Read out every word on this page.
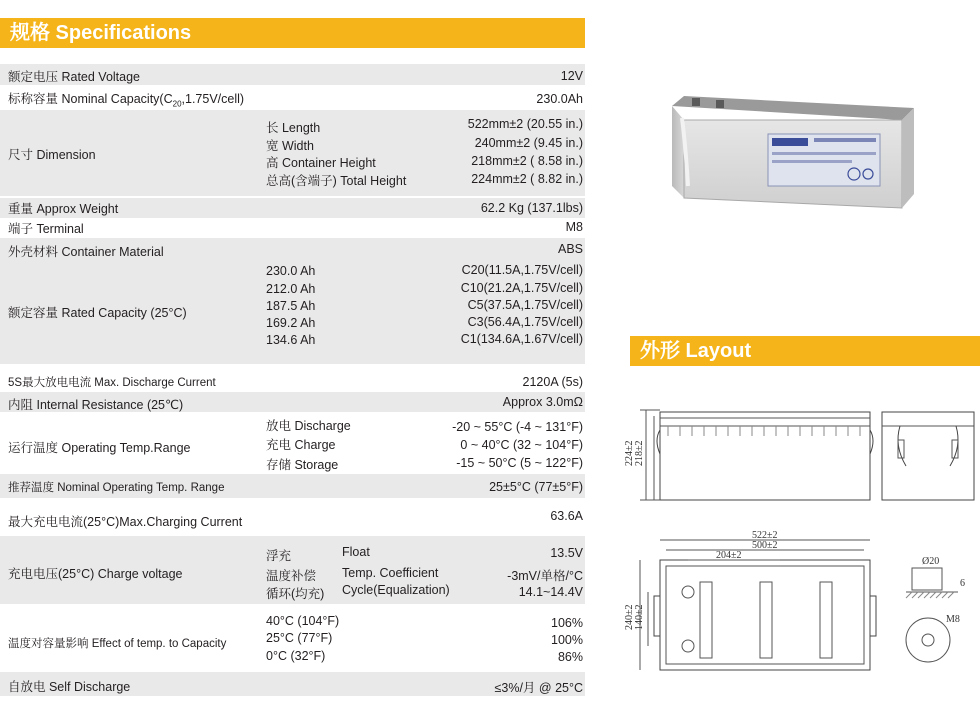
规格 Specifications
额定电压 Rated Voltage	12V
标称容量 Nominal $Capacity(C_{20},1.75V/cell)$	230.0Ah
尺寸 Dimension
长 Length	522mm±2 (20.55 in.)
宽 Width	240mm±2 (9.45 in.)
高 Container Height	218mm±2 ( 8.58 in.)
总高(含端子) Total Height	224mm±2 ( 8.82 in.)
重量 Approx Weight	62.2 Kg (137.1lbs)
端子 Terminal	M8
外壳材料 Container Material	ABS
额定容量 Rated Capacity (25°C)
230.0 Ah	C20(11.5A,1.75V/cell)
212.0 Ah	C10(21.2A,1.75V/cell)
187.5 Ah	C5(37.5A,1.75V/cell)
169.2 Ah	C3(56.4A,1.75V/cell)
134.6 Ah	C1(134.6A,1.67V/cell)
5S最大放电电流 Max. Discharge Current	2120A (5s)
内阻 Internal Resistance (25℃)	Approx 3.0mΩ
运行温度 Operating Temp.Range
放电 Discharge	-20 ~ 55°C (-4 ~ 131°F)
充电 Charge	0 ~ 40°C (32 ~ 104°F)
存储 Storage	-15 ~ 50°C (5 ~ 122°F)
推荐温度 Nominal Operating Temp. Range	25±5°C (77±5°F)
最大充电电流(25°C)Max.Charging Current	63.6A
充电电压(25°C) Charge voltage
浮充	Float	13.5V
温度补偿 Temp. Coefficient	-3mV/单格/°C
循环(均充) Cycle(Equalization)	14.1~14.4V
温度对容量影响 Effect of temp. to Capacity
40°C (104°F)	106%
25°C (77°F)	100%
0°C (32°F)	86%
自放电 Self Discharge	≤3%/月 @ 25°C
外形 Layout
224±2 218±2
522±2
500±2
204±2
240±2 140±2
Ø20
6
M8
